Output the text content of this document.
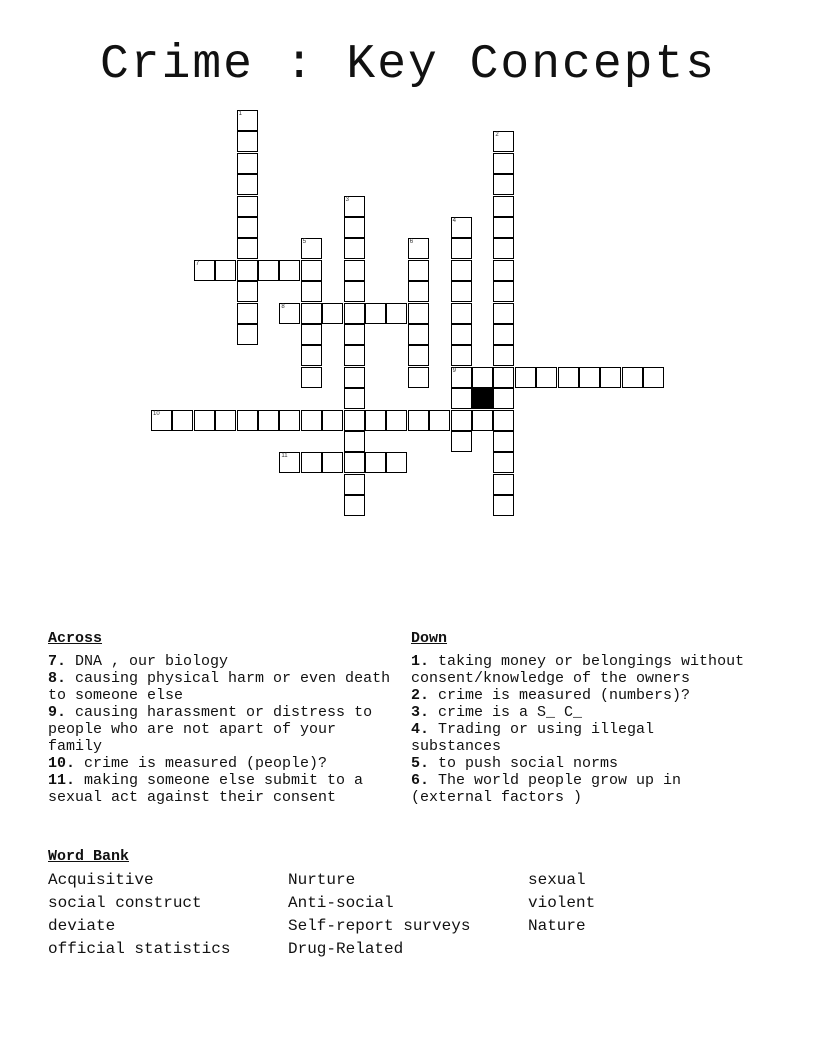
Crime : Key Concepts
1
2
3
4
9
5	6
7
8
10
11
Across
7. DNA , our biology
8. causing physical harm or even death to someone else
9. causing harassment or distress to people who are not apart of your family
10. crime is measured (people)?
11. making someone else submit to a sexual act against their consent
Down
1. taking money or belongings without consent/knowledge of the owners
2. crime is measured (numbers)?
3. crime is a S_ C_
4. Trading or using illegal substances
5. to push social norms
6. The world people grow up in (external factors )
Word Bank
Acquisitive	Nurture	sexual
social construct	Anti-social	violent
deviate	Self-report surveys	Nature
official statistics	Drug-Related
